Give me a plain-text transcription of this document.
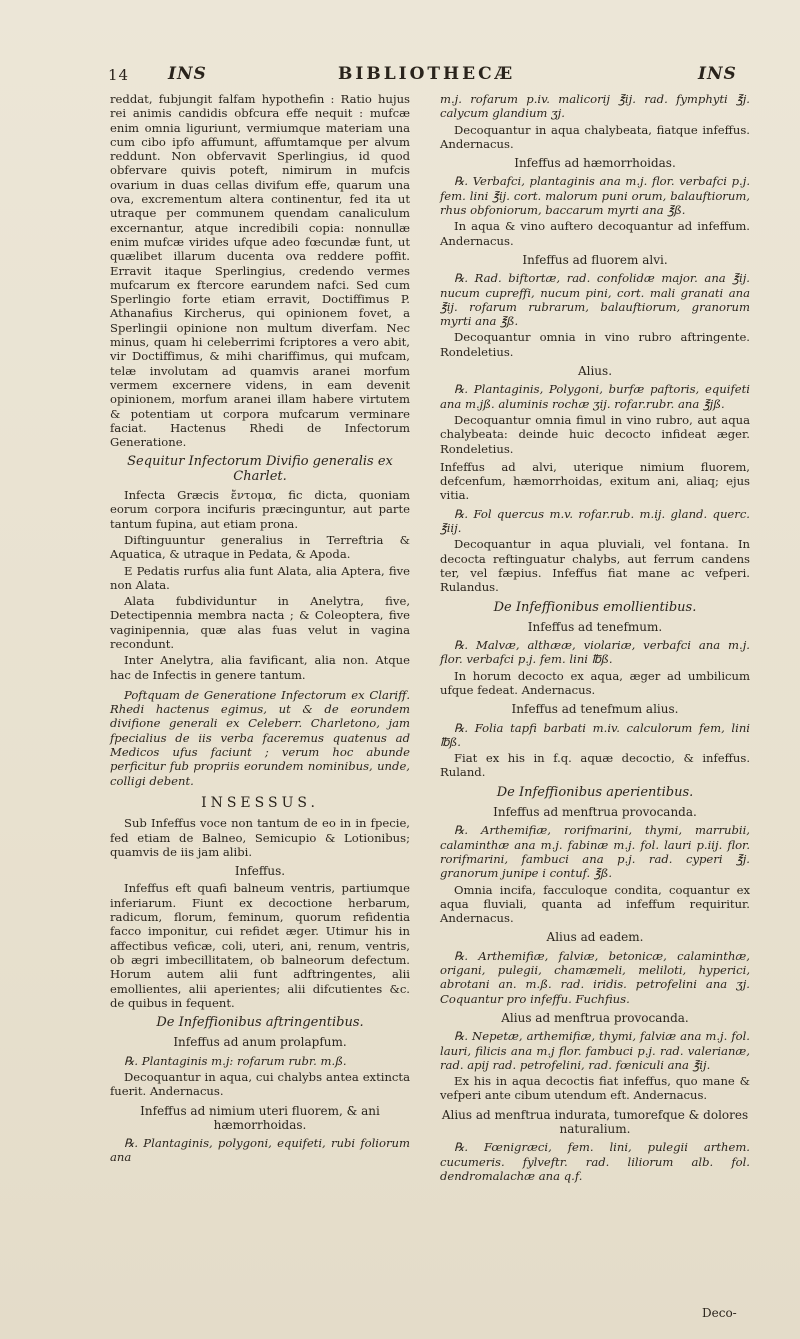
14 INS	BIBLIOTHECÆ	INS

reddat, fubjungit falfam hypothefin : Ratio hujus rei animis candidis obfcura effe nequit : mufcæ enim omnia liguriunt, vermiumque materiam una cum cibo ipfo affumunt, affumtamque per alvum reddunt. Non obfervavit Sperlingius, id quod obfervare quivis poteft, nimirum in mufcis ovarium in duas cellas divifum effe, quarum una ova, excrementum altera continentur, fed ita ut utraque per communem quendam canaliculum excernantur, atque incredibili copia: nonnullæ enim mufcæ virides ufque adeo fœcundæ funt, ut quælibet illarum ducenta ova reddere poffit. Erravit itaque Sperlingius, credendo vermes mufcarum ex ftercore earundem nafci. Sed cum Sperlingio forte etiam erravit, Doctiffimus P. Athanafius Kircherus, qui opinionem fovet, a Sperlingii opinione non multum diverfam. Nec minus, quam hi celeberrimi fcriptores a vero abit, vir Doctiffimus, & mihi chariffimus, qui mufcam, telæ involutam ad quamvis aranei morfum vermem excernere videns, in eam devenit opinionem, morfum aranei illam habere virtutem & potentiam ut corpora mufcarum verminare faciat. Hactenus Rhedi de Infectorum Generatione.

Sequitur Infectorum Divifio generalis ex Charlet.

Infecta Græcis ἔντομα, fic dicta, quoniam eorum corpora incifuris præcinguntur, aut parte tantum fupina, aut etiam prona.

Diftinguuntur generalius in Terreftria & Aquatica, & utraque in Pedata, & Apoda.

E Pedatis rurfus alia funt Alata, alia Aptera, five non Alata.

Alata fubdividuntur in Anelytra, five, Detectipennia membra nacta ; & Coleoptera, five vaginipennia, quæ alas fuas velut in vagina recondunt.

Inter Anelytra, alia favificant, alia non. Atque hac de Infectis in genere tantum.

Poftquam de Generatione Infectorum ex Clariff. Rhedi hactenus egimus, ut & de eorundem divifione generali ex Celeberr. Charletono, jam fpecialius de iis verba faceremus quatenus ad Medicos ufus faciunt ; verum hoc abunde perficitur fub propriis eorundem nominibus, unde, colligi debent.

INSESSUS.

Sub Infeffus voce non tantum de eo in in fpecie, fed etiam de Balneo, Semicupio & Lotionibus; quamvis de iis jam alibi.

Infeffus.

Infeffus eft quafi balneum ventris, partiumque inferiarum. Fiunt ex decoctione herbarum, radicum, florum, feminum, quorum refidentia facco imponitur, cui refidet æger. Utimur his in affectibus veficæ, coli, uteri, ani, renum, ventris, ob ægri imbecillitatem, ob balneorum defectum. Horum autem alii funt adftringentes, alii emollientes, alii aperientes; alii difcutientes &c. de quibus in fequent.

De Infeffionibus aftringentibus.
Infeffus ad anum prolapfum.

℞. Plantaginis m.j: rofarum rubr. m.ß.

Decoquantur in aqua, cui chalybs antea extincta fuerit. Andernacus.

Infeffus ad nimium uteri fluorem, & ani hæmorrhoidas.

℞. Plantaginis, polygoni, equifeti, rubi foliorum ana

m.j. rofarum p.iv. malicorij ℥ij. rad. fymphyti ℥j. calycum glandium ʒj.

Decoquantur in aqua chalybeata, fiatque infeffus. Andernacus.

Infeffus ad hæmorrhoidas.

℞. Verbafci, plantaginis ana m.j. flor. verbafci p.j. fem. lini ℥ij. cort. malorum puni orum, balauftiorum, rhus obfoniorum, baccarum myrti ana ℥ß.

In aqua & vino auftero decoquantur ad infeffum. Andernacus.

Infeffus ad fluorem alvi.

℞. Rad. biftortæ, rad. confolidæ major. ana ℥ij. nucum cupreffi, nucum pini, cort. mali granati ana ℥ij. rofarum rubrarum, balauftiorum, granorum myrti ana ℥ß.

Decoquantur omnia in vino rubro aftringente. Rondeletius.

Alius.

℞. Plantaginis, Polygoni, burfæ paftoris, equifeti ana m.jß. aluminis rochæ ʒij. rofar.rubr. ana ℥jß.

Decoquantur omnia fimul in vino rubro, aut aqua chalybeata: deinde huic decocto infideat æger. Rondeletius.

Infeffus ad alvi, uterique nimium fluorem, defcenfum, hæmorrhoidas, exitum ani, aliaq; ejus vitia.

℞. Fol quercus m.v. rofar.rub. m.ij. gland. querc. ℥iij.

Decoquantur in aqua pluviali, vel fontana. In decocta reftinguatur chalybs, aut ferrum candens ter, vel fæpius. Infeffus fiat mane ac vefperi. Rulandus.

De Infeffionibus emollientibus.
Infeffus ad tenefmum.

℞. Malvæ, althææ, violariæ, verbafci ana m.j. flor. verbafci p.j. fem. lini ℔ß.

In horum decocto ex aqua, æger ad umbilicum ufque fedeat. Andernacus.

Infeffus ad tenefmum alius.

℞. Folia tapfi barbati m.iv. calculorum fem, lini ℔ß.

Fiat ex his in f.q. aquæ decoctio, & infeffus. Ruland.

De Infeffionibus aperientibus.
Infeffus ad menftrua provocanda.

℞. Arthemifiæ, rorifmarini, thymi, marrubii, calaminthæ ana m.j. fabinæ m.j. fol. lauri p.iij. flor. rorifmarini, fambuci ana p.j. rad. cyperi ℥j. granorum junipe i contuf. ℥ß.

Omnia incifa, facculoque condita, coquantur ex aqua fluviali, quanta ad infeffum requiritur. Andernacus.

Alius ad eadem.

℞. Arthemifiæ, falviæ, betonicæ, calaminthæ, origani, pulegii, chamæmeli, meliloti, hyperici, abrotani an. m.ß. rad. iridis. petrofelini ana ʒj. Coquantur pro infeffu. Fuchfius.

Alius ad menftrua provocanda.

℞. Nepetæ, arthemifiæ, thymi, falviæ ana m.j. fol. lauri, filicis ana m.j flor. fambuci p.j. rad. valerianæ, rad. apij rad. petrofelini, rad. fœniculi ana ℥ij.

Ex his in aqua decoctis fiat infeffus, quo mane & vefperi ante cibum utendum eft. Andernacus.

Alius ad menftrua indurata, tumorefque & dolores naturalium.

℞. Fœnigræci, fem. lini, pulegii arthem. cucumeris. fylveftr. rad. liliorum alb. fol. dendromalachæ ana q.f.

Deco-
